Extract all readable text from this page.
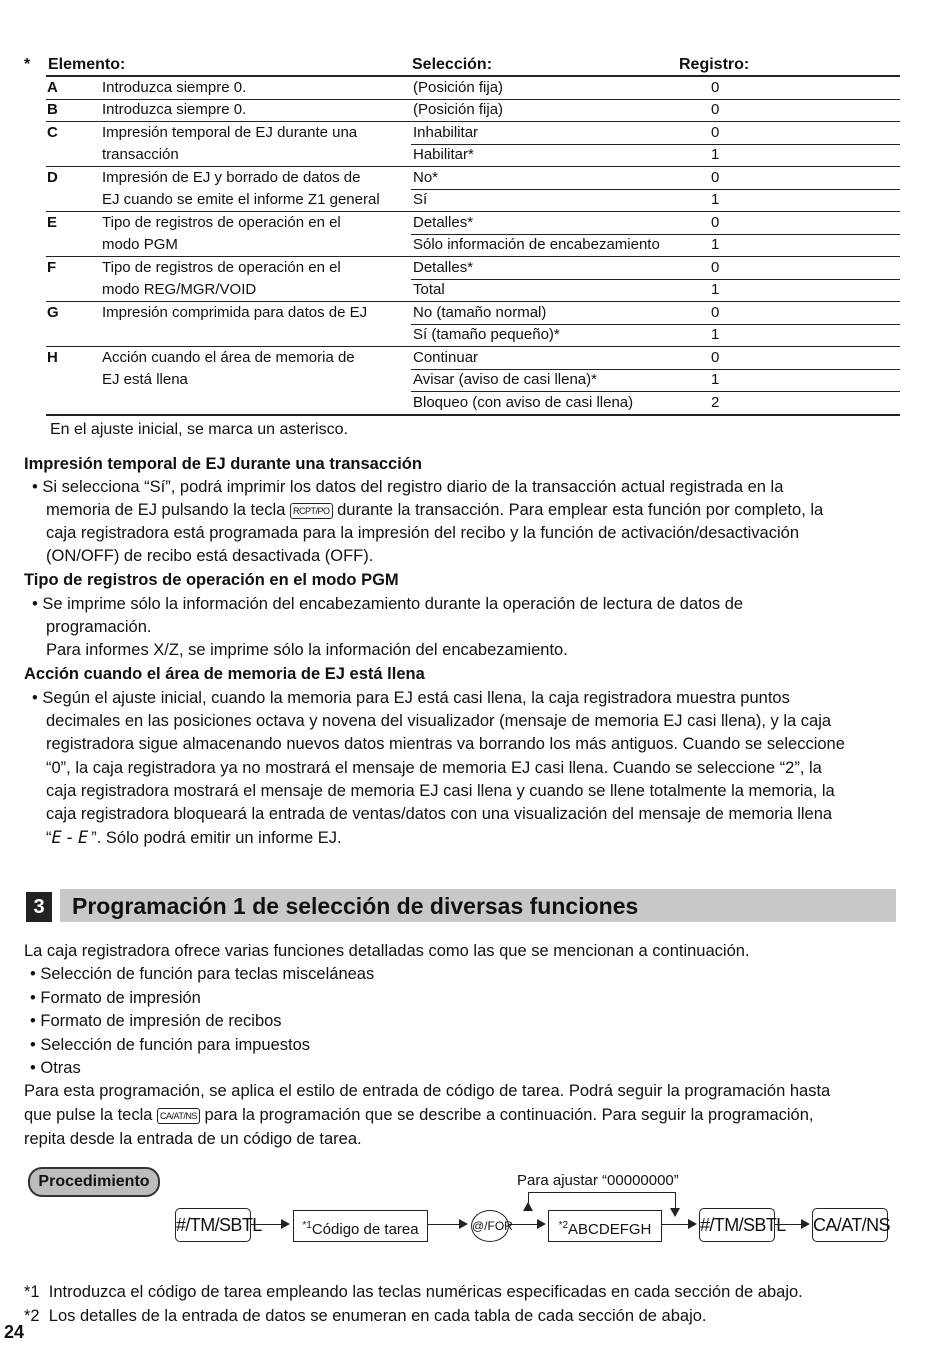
* Elemento:	Selección:	Registro:
A	Introduzca siempre 0.	(Posición fija)	0
B	Introduzca siempre 0.	(Posición fija)	0
C	Impresión temporal de EJ durante una
transacción
Inhabilitar	0
Habilitar*	1
D	Impresión de EJ y borrado de datos de
EJ cuando se emite el informe Z1 general
No*	0
Sí	1
E	Tipo de registros de operación en el
modo PGM
Detalles*	0
Sólo información de encabezamiento	1
F	Tipo de registros de operación en el
modo REG/MGR/VOID
Detalles*	0
Total	1
G	Impresión comprimida para datos de EJ	No (tamaño normal)	0
Sí (tamaño pequeño)*	1
H	Acción cuando el área de memoria de
EJ está llena
Continuar	0
Avisar (aviso de casi llena)*	1
Bloqueo (con aviso de casi llena)	2
En el ajuste inicial, se marca un asterisco.
Impresión temporal de EJ durante una transacción
• Si selecciona “Sí”, podrá imprimir los datos del registro diario de la transacción actual registrada en la
memoria de EJ pulsando la tecla RCPT/PO durante la transacción. Para emplear esta función por completo, la
caja registradora está programada para la impresión del recibo y la función de activación/desactivación
(ON/OFF) de recibo está desactivada (OFF).
Tipo de registros de operación en el modo PGM
• Se imprime sólo la información del encabezamiento durante la operación de lectura de datos de
programación.
Para informes X/Z, se imprime sólo la información del encabezamiento.
Acción cuando el área de memoria de EJ está llena
• Según el ajuste inicial, cuando la memoria para EJ está casi llena, la caja registradora muestra puntos
decimales en las posiciones octava y novena del visualizador (mensaje de memoria EJ casi llena), y la caja
registradora sigue almacenando nuevos datos mientras va borrando los más antiguos. Cuando se seleccione
“0”, la caja registradora ya no mostrará el mensaje de memoria EJ casi llena. Cuando se seleccione “2”, la
caja registradora mostrará el mensaje de memoria EJ casi llena y cuando se llene totalmente la memoria, la
caja registradora bloqueará la entrada de ventas/datos con una visualización del mensaje de memoria llena
“E-E”. Sólo podrá emitir un informe EJ.
3	Programación 1 de selección de diversas funciones
La caja registradora ofrece varias funciones detalladas como las que se mencionan a continuación.
• Selección de función para teclas misceláneas
• Formato de impresión
• Formato de impresión de recibos
• Selección de función para impuestos
• Otras
Para esta programación, se aplica el estilo de entrada de código de tarea. Podrá seguir la programación hasta
que pulse la tecla CA/AT/NS para la programación que se describe a continuación. Para seguir la programación,
repita desde la entrada de un código de tarea.
Procedimiento	Para ajustar “00000000”
#/TM/SBTL	$^{*1}$Código de tarea	@/FOR	$^{*2}$ABCDEFGH	#/TM/SBTL CA/AT/NS
*1 Introduzca el código de tarea empleando las teclas numéricas especificadas en cada sección de abajo.
*2 Los detalles de la entrada de datos se enumeran en cada tabla de cada sección de abajo.
24
